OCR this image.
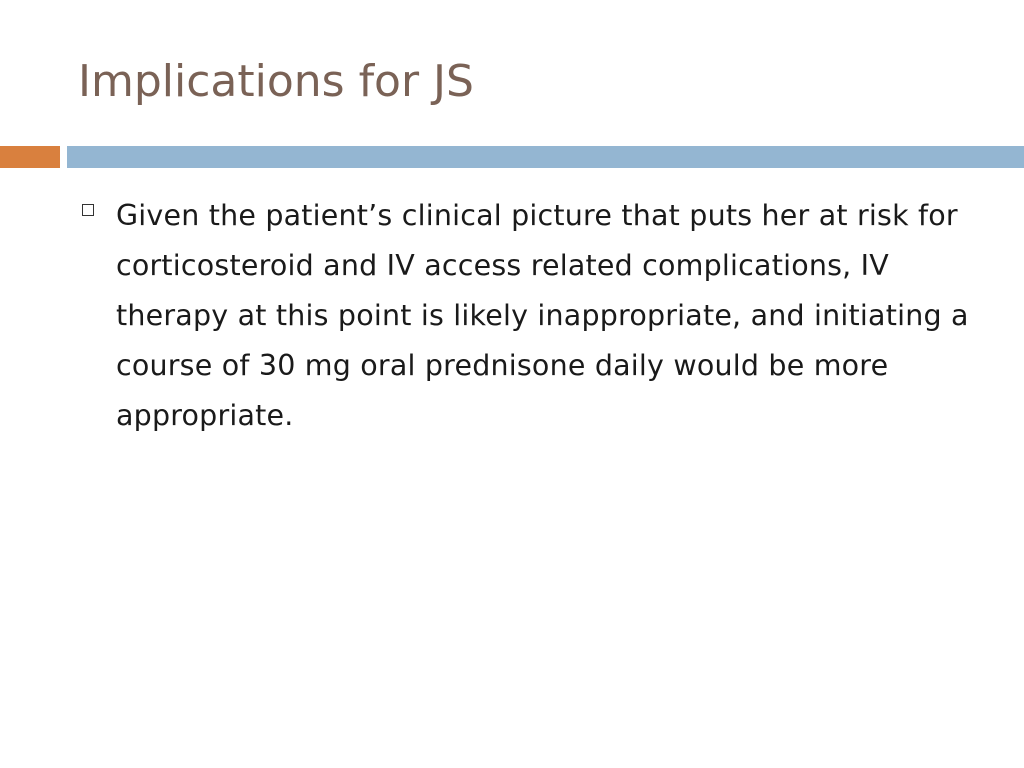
Implications for JS
Given the patient’s clinical picture that puts her at risk for corticosteroid and IV access related complications, IV therapy at this point is likely inappropriate, and initiating a course of 30 mg oral prednisone daily would be more appropriate.
